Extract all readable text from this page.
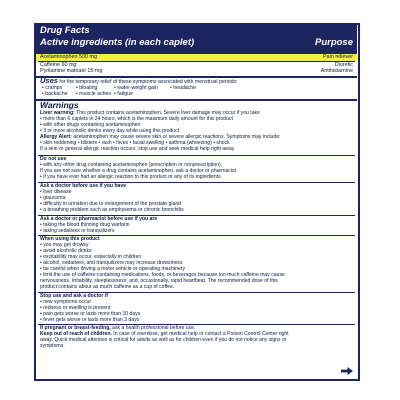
Drug Facts
Active ingredients (in each caplet)	Purpose
Acetaminophen 500 mg	Pain reliever
Caffeine 60 mg	Diuretic
Pyrilamine maleate 15 mg	Antihistamine
Uses for the temporary relief of these symptoms associated with menstrual periods:
• cramps	• bloating	• water-weight gain • headache
• backache • muscle aches • fatigue
Warnings
Liver warning: This product contains acetaminophen. Severe liver damage may occur if you take
• more than 6 caplets in 24 hours, which is the maximum daily amount for this product
• with other drugs containing acetaminophen
• 3 or more alcoholic drinks every day while using this product
Allergy Alert: acetaminophen may cause severe skin or severe allergic reactions. Symptoms may include:
• skin reddening • blisters • rash • hives • facial swelling • asthma (wheezing) • shock
If a skin or general allergic reaction occurs, stop use and seek medical help right away.
Do not use
• with any other drug containing acetaminophen (prescription or nonprescription).
If you are not sure whether a drug contains acetaminophen, ask a doctor or pharmacist.
• if you have ever had an allergic reaction to this product or any of its ingredients
Ask a doctor before use if you have
• liver disease
• glaucoma
• difficulty in urination due to enlargement of the prostate gland
• a breathing problem such as emphysema or chronic bronchitis
Ask a doctor or pharmacist before use if you are
• taking the blood thinning drug warfarin
• taking sedatives or tranquilizers
When using this product
• you may get drowsy
• avoid alcoholic drinks
• excitability may occur, especially in children
• alcohol, sedatives, and tranquilizers may increase drowsiness
• be careful when driving a motor vehicle or operating machinery
• limit the use of caffeine-containing medications, foods, or beverages because too much caffeine may cause
nervousness, irritability, sleeplessness, and, occasionally, rapid heartbeat. The recommended dose of this
product contains about as much caffeine as a cup of coffee.
Stop use and ask a doctor if
• new symptoms occur
• redness or swelling is present
• pain gets worse or lasts more than 10 days
• fever gets worse or lasts more than 3 days
If pregnant or breast-feeding, ask a health professional before use.
Keep out of reach of children. In case of overdose, get medical help or contact a Poison Control Center right
away. Quick medical attention is critical for adults as well as for children even if you do not notice any signs or
symptoms.
